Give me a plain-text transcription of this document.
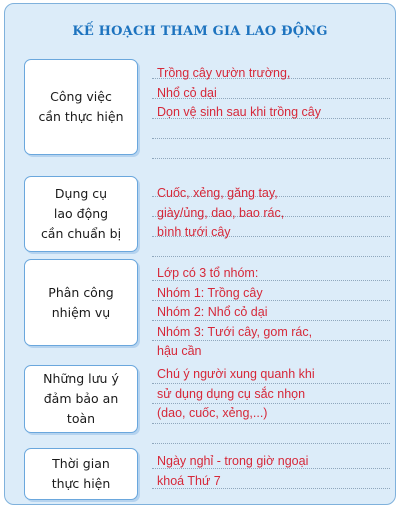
KẾ HOẠCH THAM GIA LAO ĐỘNG
Công việc
cần thực hiện
Trồng cây vườn trường,
Nhổ cỏ dại
Dọn vệ sinh sau khi trồng cây
Dụng cụ
lao động
cần chuẩn bị
Cuốc, xẻng, găng tay,
giày/ủng, dao, bao rác,
bình tưới cây
Phân công
nhiệm vụ
Lớp có 3 tổ nhóm:
Nhóm 1: Trồng cây
Nhóm 2: Nhổ cỏ dại
Nhóm 3: Tưới cây, gom rác,
hậu cần
Những lưu ý
đảm bảo an toàn
Chú ý người xung quanh khi
sử dụng dụng cụ sắc nhọn
(dao, cuốc, xẻng,...)
Thời gian
thực hiện
Ngày nghỉ - trong giờ ngoại
khoá Thứ 7
